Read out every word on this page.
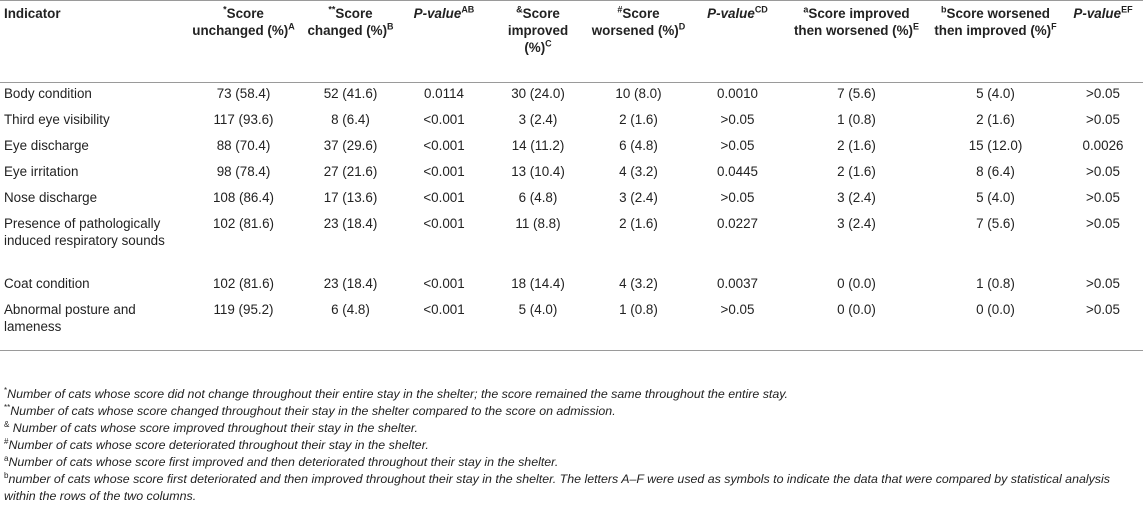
Indicator	*Score unchanged (%)$^A$	**Score changed (%)$^B$	P-value$^{AB}$	&Score improved (%)$^C$	#Score worsened (%)$^D$	P-value$^{CD}$	$^a$Score improved then worsened (%)$^E$	$^b$Score worsened then improved (%)$^F$	P-value$^{EF}$
Body condition	73 (58.4)	52 (41.6)	0.0114	30 (24.0)	10 (8.0)	0.0010	7 (5.6)	5 (4.0)	>0.05
Third eye visibility	117 (93.6)	8 (6.4)	<0.001	3 (2.4)	2 (1.6)	>0.05	1 (0.8)	2 (1.6)	>0.05
Eye discharge	88 (70.4)	37 (29.6)	<0.001	14 (11.2)	6 (4.8)	>0.05	2 (1.6)	15 (12.0)	0.0026
Eye irritation	98 (78.4)	27 (21.6)	<0.001	13 (10.4)	4 (3.2)	0.0445	2 (1.6)	8 (6.4)	>0.05
Nose discharge	108 (86.4)	17 (13.6)	<0.001	6 (4.8)	3 (2.4)	>0.05	3 (2.4)	5 (4.0)	>0.05
Presence of pathologically induced respiratory sounds	102 (81.6)	23 (18.4)	<0.001	11 (8.8)	2 (1.6)	0.0227	3 (2.4)	7 (5.6)	>0.05
Coat condition	102 (81.6)	23 (18.4)	<0.001	18 (14.4)	4 (3.2)	0.0037	0 (0.0)	1 (0.8)	>0.05
Abnormal posture and lameness	119 (95.2)	6 (4.8)	<0.001	5 (4.0)	1 (0.8)	>0.05	0 (0.0)	0 (0.0)	>0.05
*Number of cats whose score did not change throughout their entire stay in the shelter; the score remained the same throughout the entire stay.
**Number of cats whose score changed throughout their stay in the shelter compared to the score on admission.
& Number of cats whose score improved throughout their stay in the shelter.
#Number of cats whose score deteriorated throughout their stay in the shelter.
$^a$Number of cats whose score first improved and then deteriorated throughout their stay in the shelter.
$^b$number of cats whose score first deteriorated and then improved throughout their stay in the shelter. The letters A–F were used as symbols to indicate the data that were compared by statistical analysis within the rows of the two columns.
